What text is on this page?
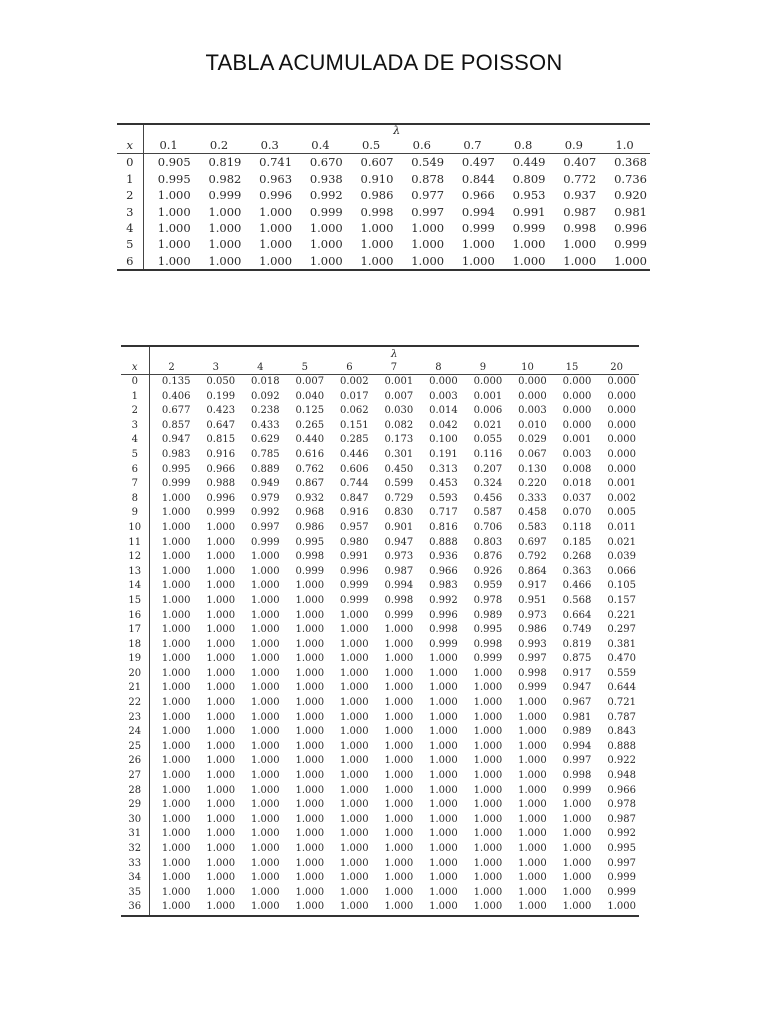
TABLA ACUMULADA DE POISSON
	λ									
x	0.1	0.2	0.3	0.4	0.5	0.6	0.7	0.8	0.9	1.0
0	0.905	0.819	0.741	0.670	0.607	0.549	0.497	0.449	0.407	0.368
1	0.995	0.982	0.963	0.938	0.910	0.878	0.844	0.809	0.772	0.736
2	1.000	0.999	0.996	0.992	0.986	0.977	0.966	0.953	0.937	0.920
3	1.000	1.000	1.000	0.999	0.998	0.997	0.994	0.991	0.987	0.981
4	1.000	1.000	1.000	1.000	1.000	1.000	0.999	0.999	0.998	0.996
5	1.000	1.000	1.000	1.000	1.000	1.000	1.000	1.000	1.000	0.999
6	1.000	1.000	1.000	1.000	1.000	1.000	1.000	1.000	1.000	1.000
	λ										
x	2	3	4	5	6	7	8	9	10	15	20
0	0.135	0.050	0.018	0.007	0.002	0.001	0.000	0.000	0.000	0.000	0.000
1	0.406	0.199	0.092	0.040	0.017	0.007	0.003	0.001	0.000	0.000	0.000
2	0.677	0.423	0.238	0.125	0.062	0.030	0.014	0.006	0.003	0.000	0.000
3	0.857	0.647	0.433	0.265	0.151	0.082	0.042	0.021	0.010	0.000	0.000
4	0.947	0.815	0.629	0.440	0.285	0.173	0.100	0.055	0.029	0.001	0.000
5	0.983	0.916	0.785	0.616	0.446	0.301	0.191	0.116	0.067	0.003	0.000
6	0.995	0.966	0.889	0.762	0.606	0.450	0.313	0.207	0.130	0.008	0.000
7	0.999	0.988	0.949	0.867	0.744	0.599	0.453	0.324	0.220	0.018	0.001
8	1.000	0.996	0.979	0.932	0.847	0.729	0.593	0.456	0.333	0.037	0.002
9	1.000	0.999	0.992	0.968	0.916	0.830	0.717	0.587	0.458	0.070	0.005
10	1.000	1.000	0.997	0.986	0.957	0.901	0.816	0.706	0.583	0.118	0.011
11	1.000	1.000	0.999	0.995	0.980	0.947	0.888	0.803	0.697	0.185	0.021
12	1.000	1.000	1.000	0.998	0.991	0.973	0.936	0.876	0.792	0.268	0.039
13	1.000	1.000	1.000	0.999	0.996	0.987	0.966	0.926	0.864	0.363	0.066
14	1.000	1.000	1.000	1.000	0.999	0.994	0.983	0.959	0.917	0.466	0.105
15	1.000	1.000	1.000	1.000	0.999	0.998	0.992	0.978	0.951	0.568	0.157
16	1.000	1.000	1.000	1.000	1.000	0.999	0.996	0.989	0.973	0.664	0.221
17	1.000	1.000	1.000	1.000	1.000	1.000	0.998	0.995	0.986	0.749	0.297
18	1.000	1.000	1.000	1.000	1.000	1.000	0.999	0.998	0.993	0.819	0.381
19	1.000	1.000	1.000	1.000	1.000	1.000	1.000	0.999	0.997	0.875	0.470
20	1.000	1.000	1.000	1.000	1.000	1.000	1.000	1.000	0.998	0.917	0.559
21	1.000	1.000	1.000	1.000	1.000	1.000	1.000	1.000	0.999	0.947	0.644
22	1.000	1.000	1.000	1.000	1.000	1.000	1.000	1.000	1.000	0.967	0.721
23	1.000	1.000	1.000	1.000	1.000	1.000	1.000	1.000	1.000	0.981	0.787
24	1.000	1.000	1.000	1.000	1.000	1.000	1.000	1.000	1.000	0.989	0.843
25	1.000	1.000	1.000	1.000	1.000	1.000	1.000	1.000	1.000	0.994	0.888
26	1.000	1.000	1.000	1.000	1.000	1.000	1.000	1.000	1.000	0.997	0.922
27	1.000	1.000	1.000	1.000	1.000	1.000	1.000	1.000	1.000	0.998	0.948
28	1.000	1.000	1.000	1.000	1.000	1.000	1.000	1.000	1.000	0.999	0.966
29	1.000	1.000	1.000	1.000	1.000	1.000	1.000	1.000	1.000	1.000	0.978
30	1.000	1.000	1.000	1.000	1.000	1.000	1.000	1.000	1.000	1.000	0.987
31	1.000	1.000	1.000	1.000	1.000	1.000	1.000	1.000	1.000	1.000	0.992
32	1.000	1.000	1.000	1.000	1.000	1.000	1.000	1.000	1.000	1.000	0.995
33	1.000	1.000	1.000	1.000	1.000	1.000	1.000	1.000	1.000	1.000	0.997
34	1.000	1.000	1.000	1.000	1.000	1.000	1.000	1.000	1.000	1.000	0.999
35	1.000	1.000	1.000	1.000	1.000	1.000	1.000	1.000	1.000	1.000	0.999
36	1.000	1.000	1.000	1.000	1.000	1.000	1.000	1.000	1.000	1.000	1.000
